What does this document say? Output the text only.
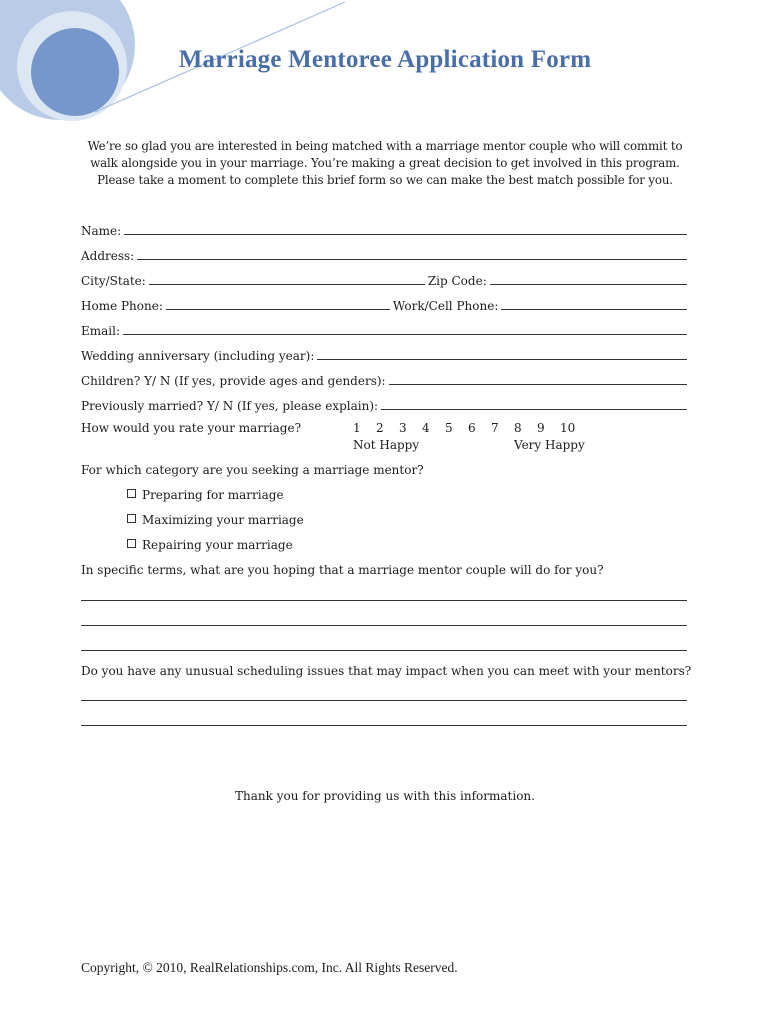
Marriage Mentoree Application Form
We’re so glad you are interested in being matched with a marriage mentor couple who will commit to
walk alongside you in your marriage. You’re making a great decision to get involved in this program.
Please take a moment to complete this brief form so we can make the best match possible for you.
Name:
Address:
City/State:	Zip Code:
Home Phone:	Work/Cell Phone:
Email:
Wedding anniversary (including year):
Children? Y/ N (If yes, provide ages and genders):
Previously married? Y/ N (If yes, please explain):
How would you rate your marriage?	1 2 3 4 5 6 7 8 9 10
Not Happy	Very Happy
For which category are you seeking a marriage mentor?
Preparing for marriage
Maximizing your marriage
Repairing your marriage
In specific terms, what are you hoping that a marriage mentor couple will do for you?
Do you have any unusual scheduling issues that may impact when you can meet with your mentors?
Thank you for providing us with this information.
Copyright, © 2010, RealRelationships.com, Inc. All Rights Reserved.
